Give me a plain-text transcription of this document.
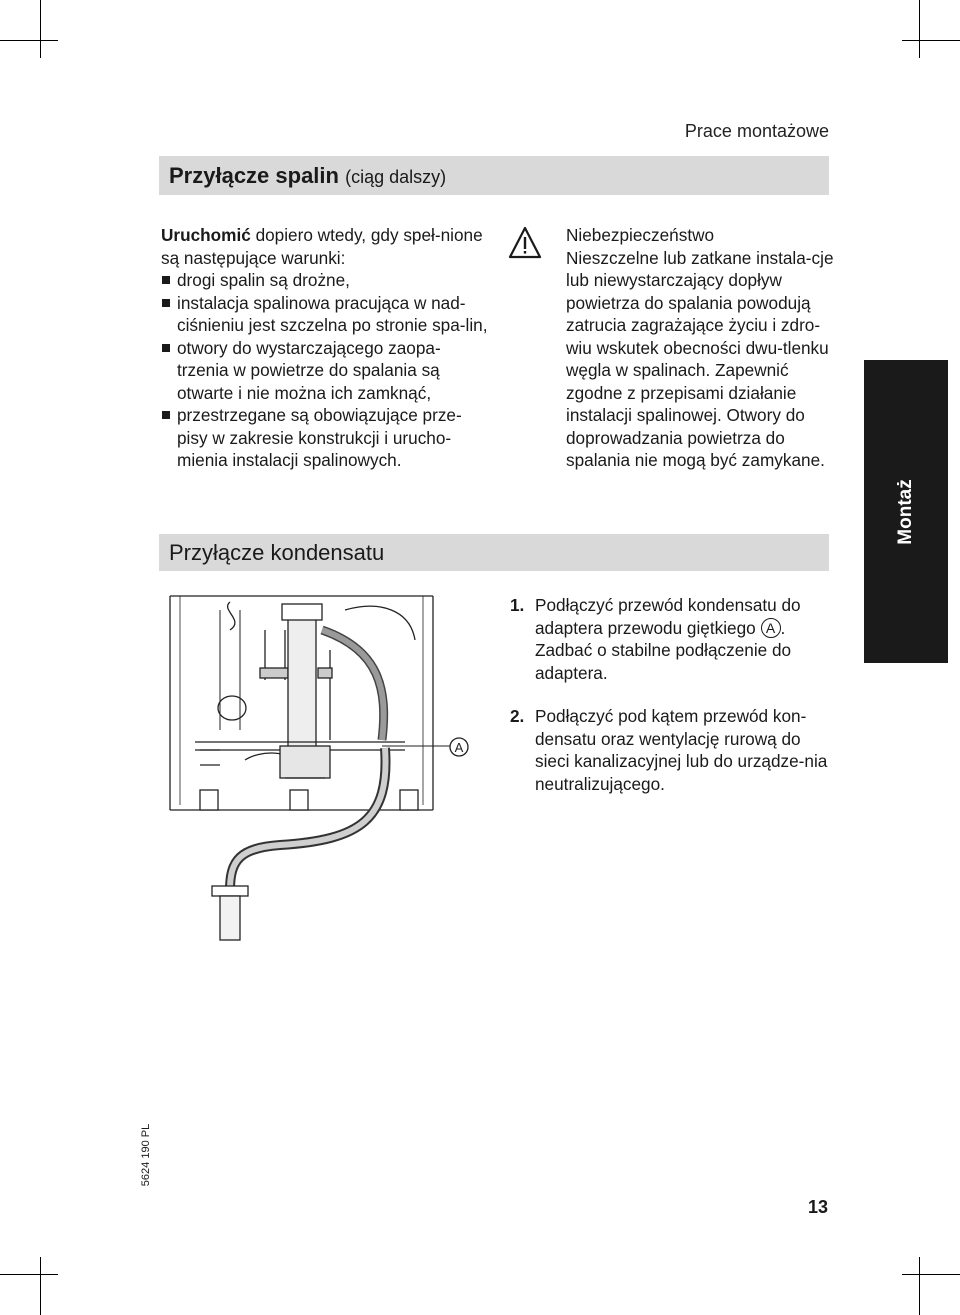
Prace montażowe
Przyłącze spalin (ciąg dalszy)
Uruchomić dopiero wtedy, gdy speł-nione są następujące warunki:
drogi spalin są drożne,
instalacja spalinowa pracująca w nad-ciśnieniu jest szczelna po stronie spa-lin,
otwory do wystarczającego zaopa-trzenia w powietrze do spalania są otwarte i nie można ich zamknąć,
przestrzegane są obowiązujące prze-pisy w zakresie konstrukcji i urucho-mienia instalacji spalinowych.
Niebezpieczeństwo
Nieszczelne lub zatkane instala-cje lub niewystarczający dopływ powietrza do spalania powodują zatrucia zagrażające życiu i zdro-wiu wskutek obecności dwu-tlenku węgla w spalinach. Zapewnić zgodne z przepisami działanie instalacji spalinowej. Otwory do doprowadzania powietrza do spalania nie mogą być zamykane.
Montaż
Przyłącze kondensatu
A
1. Podłączyć przewód kondensatu do adaptera przewodu giętkiego A . Zadbać o stabilne podłączenie do adaptera.
2. Podłączyć pod kątem przewód kon-densatu oraz wentylację rurową do sieci kanalizacyjnej lub do urządze-nia neutralizującego.
5624 190 PL
13
